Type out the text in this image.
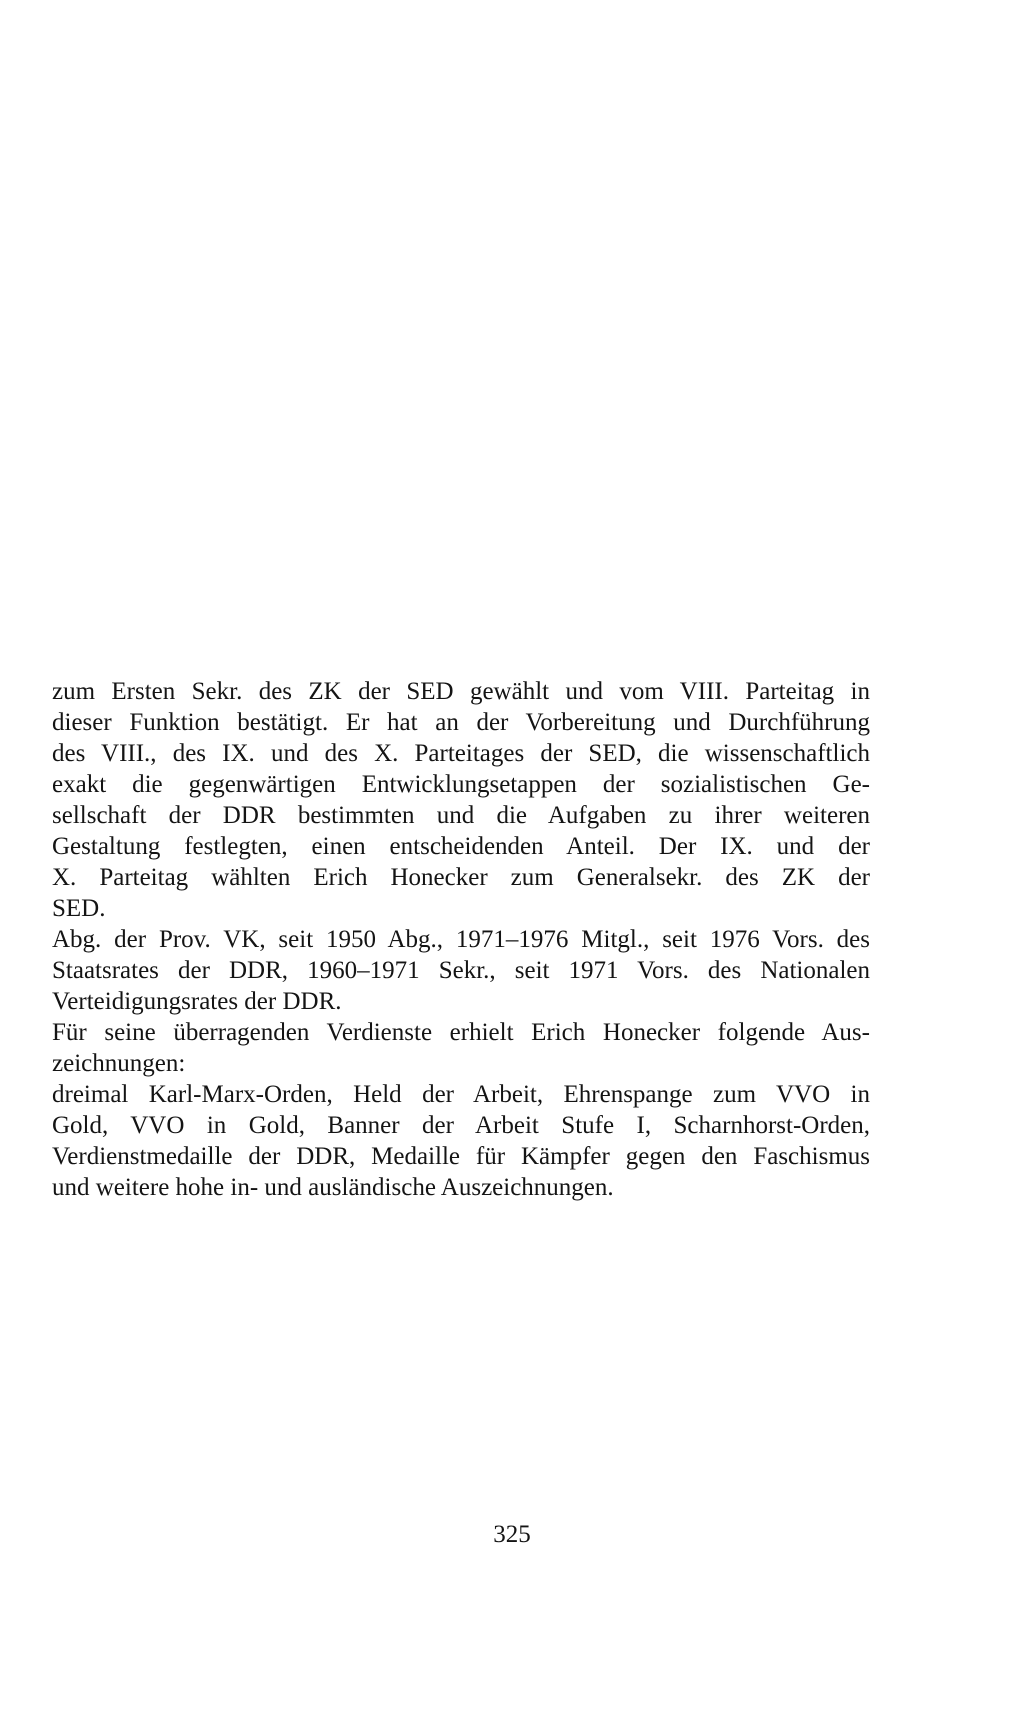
zum Ersten Sekr. des ZK der SED gewählt und vom VIII. Parteitag in
dieser Funktion bestätigt. Er hat an der Vorbereitung und Durchführung
des VIII., des IX. und des X. Parteitages der SED, die wissenschaftlich
exakt die gegenwärtigen Entwicklungsetappen der sozialistischen Ge-
sellschaft der DDR bestimmten und die Aufgaben zu ihrer weiteren
Gestaltung festlegten, einen entscheidenden Anteil. Der IX. und der
X. Parteitag wählten Erich Honecker zum Generalsekr. des ZK der
SED.
Abg. der Prov. VK, seit 1950 Abg., 1971–1976 Mitgl., seit 1976 Vors. des
Staatsrates der DDR, 1960–1971 Sekr., seit 1971 Vors. des Nationalen
Verteidigungsrates der DDR.
Für seine überragenden Verdienste erhielt Erich Honecker folgende Aus-
zeichnungen:
dreimal Karl-Marx-Orden, Held der Arbeit, Ehrenspange zum VVO in
Gold, VVO in Gold, Banner der Arbeit Stufe I, Scharnhorst-Orden,
Verdienstmedaille der DDR, Medaille für Kämpfer gegen den Faschismus
und weitere hohe in- und ausländische Auszeichnungen.
325
